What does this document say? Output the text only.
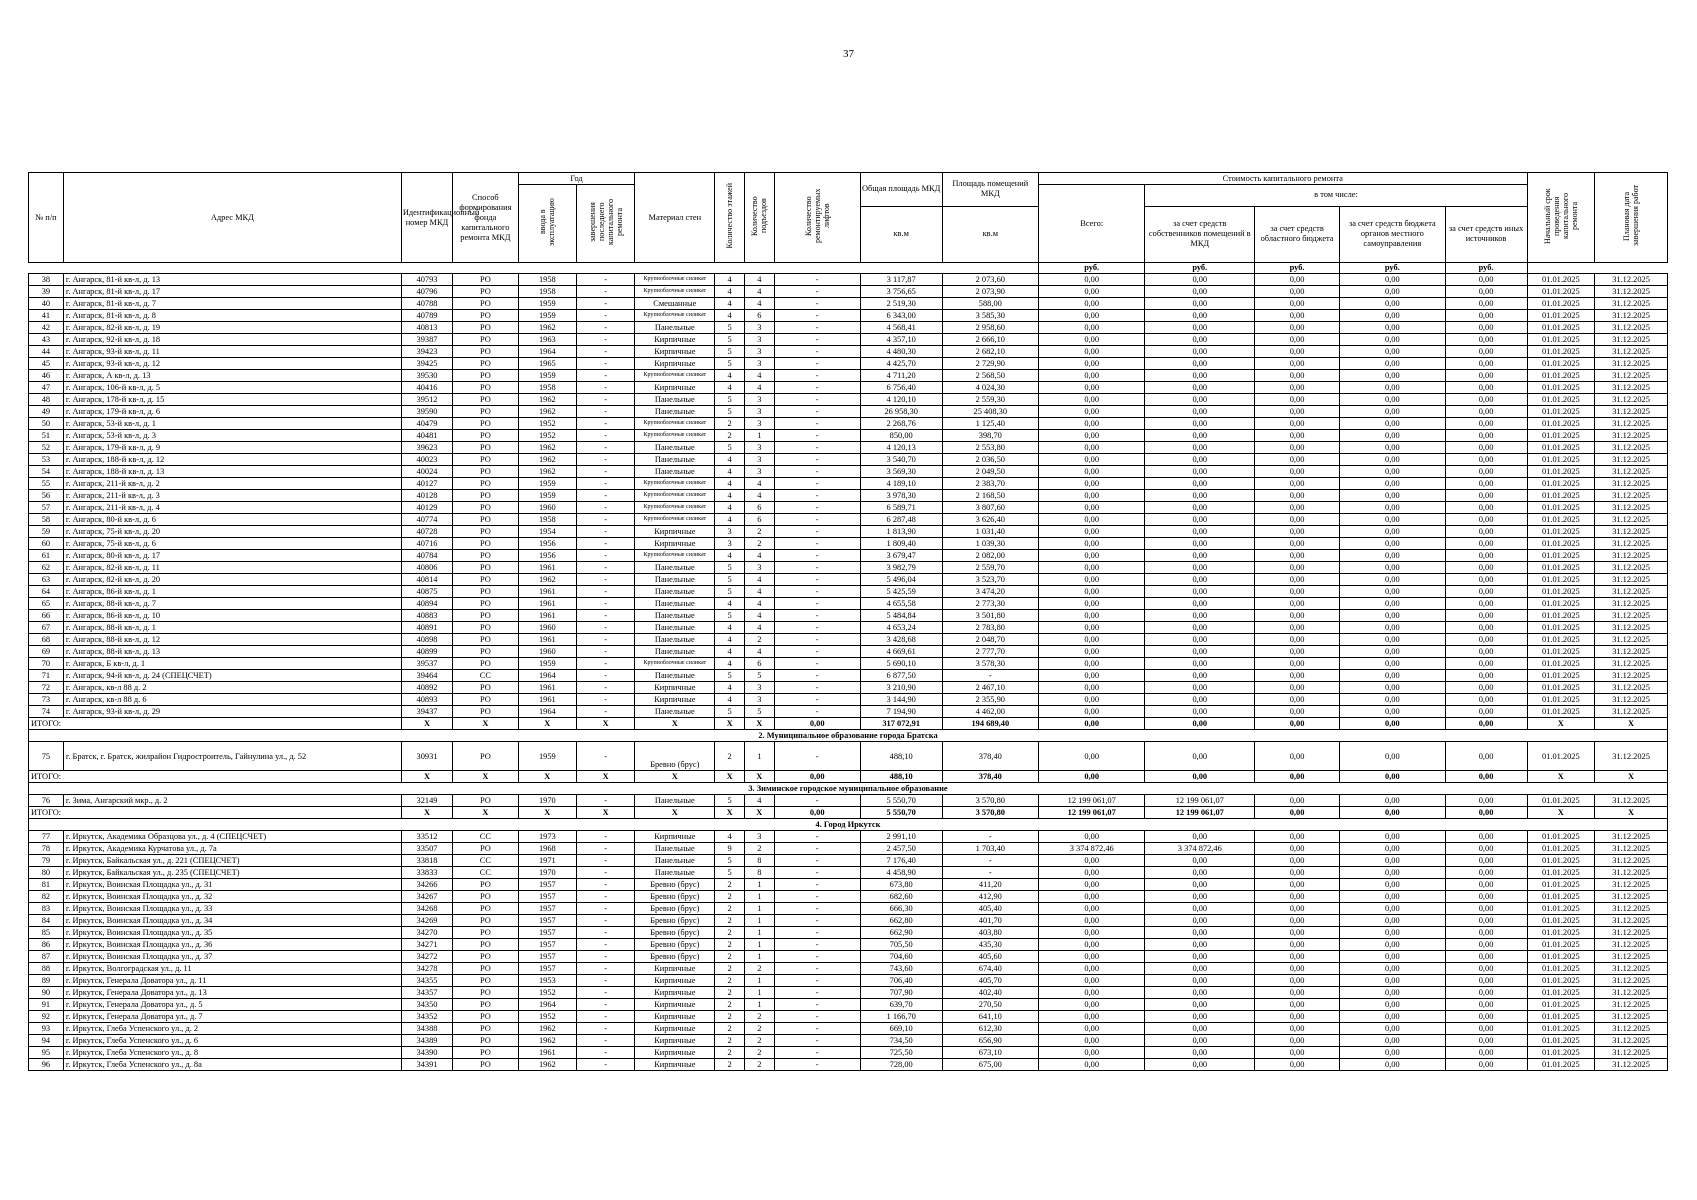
37
№ п/п	Адрес МКД	Идентификационный номер МКД	Способ формирования фонда капитального ремонта МКД	Год		Материал стен	Количество этажей	Количество подъездов	Количество ремонтируемых лифтов	Общая площадь МКД	Площадь помещений МКД	Стоимость капитального ремонта					Начальный срок проведения капитального ремонта	Плановая дата завершения работ
				ввода в эксплуатацию	завершения последнего капитального ремонта							Всего:	в том числе:					
										кв.м	кв.м		за счет средств собственников помещений в МКД	за счет средств областного бюджета	за счет средств бюджета органов местного самоуправления	за счет средств иных источников		
												руб.	руб.	руб.	руб.	руб.		
38	г. Ангарск, 81-й кв-л, д. 13	40793	РО	1958	-	Крупноблочные силикат	4	4	-	3 117,87	2 073,60	0,00	0,00	0,00	0,00	0,00	01.01.2025	31.12.2025
39	г. Ангарск, 81-й кв-л, д. 17	40796	РО	1958	-	Крупноблочные силикат	4	4	-	3 756,65	2 073,90	0,00	0,00	0,00	0,00	0,00	01.01.2025	31.12.2025
40	г. Ангарск, 81-й кв-л, д. 7	40788	РО	1959	-	Смешанные	4	4	-	2 519,30	588,00	0,00	0,00	0,00	0,00	0,00	01.01.2025	31.12.2025
41	г. Ангарск, 81-й кв-л, д. 8	40789	РО	1959	-	Крупноблочные силикат	4	6	-	6 343,00	3 585,30	0,00	0,00	0,00	0,00	0,00	01.01.2025	31.12.2025
42	г. Ангарск, 82-й кв-л, д. 19	40813	РО	1962	-	Панельные	5	3	-	4 568,41	2 958,60	0,00	0,00	0,00	0,00	0,00	01.01.2025	31.12.2025
43	г. Ангарск, 92-й кв-л, д. 18	39387	РО	1963	-	Кирпичные	5	3	-	4 357,10	2 666,10	0,00	0,00	0,00	0,00	0,00	01.01.2025	31.12.2025
44	г. Ангарск, 93-й кв-л, д. 11	39423	РО	1964	-	Кирпичные	5	3	-	4 480,30	2 682,10	0,00	0,00	0,00	0,00	0,00	01.01.2025	31.12.2025
45	г. Ангарск, 93-й кв-л, д. 12	39425	РО	1965	-	Кирпичные	5	3	-	4 425,70	2 729,90	0,00	0,00	0,00	0,00	0,00	01.01.2025	31.12.2025
46	г. Ангарск, А кв-л, д. 13	39530	РО	1959	-	Крупноблочные силикат	4	4	-	4 711,20	2 568,50	0,00	0,00	0,00	0,00	0,00	01.01.2025	31.12.2025
47	г. Ангарск, 106-й кв-л, д. 5	40416	РО	1958	-	Кирпичные	4	4	-	6 756,40	4 024,30	0,00	0,00	0,00	0,00	0,00	01.01.2025	31.12.2025
48	г. Ангарск, 178-й кв-л, д. 15	39512	РО	1962	-	Панельные	5	3	-	4 120,10	2 559,30	0,00	0,00	0,00	0,00	0,00	01.01.2025	31.12.2025
49	г. Ангарск, 179-й кв-л, д. 6	39590	РО	1962	-	Панельные	5	3	-	26 958,30	25 408,30	0,00	0,00	0,00	0,00	0,00	01.01.2025	31.12.2025
50	г. Ангарск, 53-й кв-л, д. 1	40479	РО	1952	-	Крупноблочные силикат	2	3	-	2 268,76	1 125,40	0,00	0,00	0,00	0,00	0,00	01.01.2025	31.12.2025
51	г. Ангарск, 53-й кв-л, д. 3	40481	РО	1952	-	Крупноблочные силикат	2	1	-	850,00	398,70	0,00	0,00	0,00	0,00	0,00	01.01.2025	31.12.2025
52	г. Ангарск, 179-й кв-л, д. 9	39623	РО	1962	-	Панельные	5	3	-	4 120,13	2 553,80	0,00	0,00	0,00	0,00	0,00	01.01.2025	31.12.2025
53	г. Ангарск, 188-й кв-л, д. 12	40023	РО	1962	-	Панельные	4	3	-	3 540,70	2 036,50	0,00	0,00	0,00	0,00	0,00	01.01.2025	31.12.2025
54	г. Ангарск, 188-й кв-л, д. 13	40024	РО	1962	-	Панельные	4	3	-	3 569,30	2 049,50	0,00	0,00	0,00	0,00	0,00	01.01.2025	31.12.2025
55	г. Ангарск, 211-й кв-л, д. 2	40127	РО	1959	-	Крупноблочные силикат	4	4	-	4 189,10	2 383,70	0,00	0,00	0,00	0,00	0,00	01.01.2025	31.12.2025
56	г. Ангарск, 211-й кв-л, д. 3	40128	РО	1959	-	Крупноблочные силикат	4	4	-	3 978,30	2 168,50	0,00	0,00	0,00	0,00	0,00	01.01.2025	31.12.2025
57	г. Ангарск, 211-й кв-л, д. 4	40129	РО	1960	-	Крупноблочные силикат	4	6	-	6 589,71	3 807,60	0,00	0,00	0,00	0,00	0,00	01.01.2025	31.12.2025
58	г. Ангарск, 80-й кв-л, д. 6	40774	РО	1958	-	Крупноблочные силикат	4	6	-	6 287,48	3 626,40	0,00	0,00	0,00	0,00	0,00	01.01.2025	31.12.2025
59	г. Ангарск, 75-й кв-л, д. 20	40728	РО	1954	-	Кирпичные	3	2	-	1 813,90	1 031,40	0,00	0,00	0,00	0,00	0,00	01.01.2025	31.12.2025
60	г. Ангарск, 75-й кв-л, д. 6	40716	РО	1956	-	Кирпичные	3	2	-	1 809,40	1 039,30	0,00	0,00	0,00	0,00	0,00	01.01.2025	31.12.2025
61	г. Ангарск, 80-й кв-л, д. 17	40784	РО	1956	-	Крупноблочные силикат	4	4	-	3 679,47	2 082,00	0,00	0,00	0,00	0,00	0,00	01.01.2025	31.12.2025
62	г. Ангарск, 82-й кв-л, д. 11	40806	РО	1961	-	Панельные	5	3	-	3 982,79	2 559,70	0,00	0,00	0,00	0,00	0,00	01.01.2025	31.12.2025
63	г. Ангарск, 82-й кв-л, д. 20	40814	РО	1962	-	Панельные	5	4	-	5 496,04	3 523,70	0,00	0,00	0,00	0,00	0,00	01.01.2025	31.12.2025
64	г. Ангарск, 86-й кв-л, д. 1	40875	РО	1961	-	Панельные	5	4	-	5 425,59	3 474,20	0,00	0,00	0,00	0,00	0,00	01.01.2025	31.12.2025
65	г. Ангарск, 88-й кв-л, д. 7	40894	РО	1961	-	Панельные	4	4	-	4 655,58	2 773,30	0,00	0,00	0,00	0,00	0,00	01.01.2025	31.12.2025
66	г. Ангарск, 86-й кв-л, д. 10	40883	РО	1961	-	Панельные	5	4	-	5 484,84	3 501,80	0,00	0,00	0,00	0,00	0,00	01.01.2025	31.12.2025
67	г. Ангарск, 88-й кв-л, д. 1	40891	РО	1960	-	Панельные	4	4	-	4 653,24	2 783,80	0,00	0,00	0,00	0,00	0,00	01.01.2025	31.12.2025
68	г. Ангарск, 88-й кв-л, д. 12	40898	РО	1961	-	Панельные	4	2	-	3 428,68	2 048,70	0,00	0,00	0,00	0,00	0,00	01.01.2025	31.12.2025
69	г. Ангарск, 88-й кв-л, д. 13	40899	РО	1960	-	Панельные	4	4	-	4 669,61	2 777,70	0,00	0,00	0,00	0,00	0,00	01.01.2025	31.12.2025
70	г. Ангарск, Б кв-л, д. 1	39537	РО	1959	-	Крупноблочные силикат	4	6	-	5 690,10	3 578,30	0,00	0,00	0,00	0,00	0,00	01.01.2025	31.12.2025
71	г. Ангарск, 94-й кв-л, д. 24 (СПЕЦСЧЕТ)	39464	СС	1964	-	Панельные	5	5	-	6 877,50	-	0,00	0,00	0,00	0,00	0,00	01.01.2025	31.12.2025
72	г. Ангарск, кв-л 88 д. 2	40892	РО	1961	-	Кирпичные	4	3	-	3 210,90	2 467,10	0,00	0,00	0,00	0,00	0,00	01.01.2025	31.12.2025
73	г. Ангарск, кв-л 88 д. 6	40893	РО	1961	-	Кирпичные	4	3	-	3 144,90	2 355,90	0,00	0,00	0,00	0,00	0,00	01.01.2025	31.12.2025
74	г. Ангарск, 93-й кв-л, д. 29	39437	РО	1964	-	Панельные	5	5	-	7 194,90	4 462,00	0,00	0,00	0,00	0,00	0,00	01.01.2025	31.12.2025
ИТОГО:		X	X	X	X	X	X	X	0,00	317 072,91	194 689,40	0,00	0,00	0,00	0,00	0,00	X	X
2. Муниципальное образование города Братска																		
75	г. Братск, г. Братск, жилрайон Гидростроитель, Гайнулина ул., д. 52	30931	РО	1959	-	Бревно (брус)	2	1	-	488,10	378,40	0,00	0,00	0,00	0,00	0,00	01.01.2025	31.12.2025
ИТОГО:		X	X	X	X	X	X	X	0,00	488,10	378,40	0,00	0,00	0,00	0,00	0,00	X	X
3. Зиминское городское муниципальное образование																		
76	г. Зима, Ангарский мкр., д. 2	32149	РО	1970	-	Панельные	5	4	-	5 550,70	3 570,80	12 199 061,07	12 199 061,07	0,00	0,00	0,00	01.01.2025	31.12.2025
ИТОГО:		X	X	X	X	X	X	X	0,00	5 550,70	3 570,80	12 199 061,07	12 199 061,07	0,00	0,00	0,00	X	X
4. Город Иркутск																		
77	г. Иркутск, Академика Образцова ул., д. 4 (СПЕЦСЧЕТ)	33512	СС	1973	-	Кирпичные	4	3	-	2 991,10	-	0,00	0,00	0,00	0,00	0,00	01.01.2025	31.12.2025
78	г. Иркутск, Академика Курчатова ул., д. 7а	33507	РО	1968	-	Панельные	9	2	-	2 457,50	1 703,40	3 374 872,46	3 374 872,46	0,00	0,00	0,00	01.01.2025	31.12.2025
79	г. Иркутск, Байкальская ул., д. 221 (СПЕЦСЧЕТ)	33818	СС	1971	-	Панельные	5	8	-	7 176,40	-	0,00	0,00	0,00	0,00	0,00	01.01.2025	31.12.2025
80	г. Иркутск, Байкальская ул., д. 235 (СПЕЦСЧЕТ)	33833	СС	1970	-	Панельные	5	8	-	4 458,90	-	0,00	0,00	0,00	0,00	0,00	01.01.2025	31.12.2025
81	г. Иркутск, Воинская Площадка ул., д. 31	34266	РО	1957	-	Бревно (брус)	2	1	-	673,80	411,20	0,00	0,00	0,00	0,00	0,00	01.01.2025	31.12.2025
82	г. Иркутск, Воинская Площадка ул., д. 32	34267	РО	1957	-	Бревно (брус)	2	1	-	682,60	412,90	0,00	0,00	0,00	0,00	0,00	01.01.2025	31.12.2025
83	г. Иркутск, Воинская Площадка ул., д. 33	34268	РО	1957	-	Бревно (брус)	2	1	-	666,30	405,40	0,00	0,00	0,00	0,00	0,00	01.01.2025	31.12.2025
84	г. Иркутск, Воинская Площадка ул., д. 34	34269	РО	1957	-	Бревно (брус)	2	1	-	662,80	401,70	0,00	0,00	0,00	0,00	0,00	01.01.2025	31.12.2025
85	г. Иркутск, Воинская Площадка ул., д. 35	34270	РО	1957	-	Бревно (брус)	2	1	-	662,90	403,80	0,00	0,00	0,00	0,00	0,00	01.01.2025	31.12.2025
86	г. Иркутск, Воинская Площадка ул., д. 36	34271	РО	1957	-	Бревно (брус)	2	1	-	705,50	435,30	0,00	0,00	0,00	0,00	0,00	01.01.2025	31.12.2025
87	г. Иркутск, Воинская Площадка ул., д. 37	34272	РО	1957	-	Бревно (брус)	2	1	-	704,60	405,60	0,00	0,00	0,00	0,00	0,00	01.01.2025	31.12.2025
88	г. Иркутск, Волгоградская ул., д. 11	34278	РО	1957	-	Кирпичные	2	2	-	743,60	674,40	0,00	0,00	0,00	0,00	0,00	01.01.2025	31.12.2025
89	г. Иркутск, Генерала Доватора ул., д. 11	34355	РО	1953	-	Кирпичные	2	1	-	706,40	405,70	0,00	0,00	0,00	0,00	0,00	01.01.2025	31.12.2025
90	г. Иркутск, Генерала Доватора ул., д. 13	34357	РО	1952	-	Кирпичные	2	1	-	707,90	402,40	0,00	0,00	0,00	0,00	0,00	01.01.2025	31.12.2025
91	г. Иркутск, Генерала Доватора ул., д. 5	34350	РО	1964	-	Кирпичные	2	1	-	639,70	270,50	0,00	0,00	0,00	0,00	0,00	01.01.2025	31.12.2025
92	г. Иркутск, Генерала Доватора ул., д. 7	34352	РО	1952	-	Кирпичные	2	2	-	1 166,70	641,10	0,00	0,00	0,00	0,00	0,00	01.01.2025	31.12.2025
93	г. Иркутск, Глеба Успенского ул., д. 2	34388	РО	1962	-	Кирпичные	2	2	-	669,10	612,30	0,00	0,00	0,00	0,00	0,00	01.01.2025	31.12.2025
94	г. Иркутск, Глеба Успенского ул., д. 6	34389	РО	1962	-	Кирпичные	2	2	-	734,50	656,90	0,00	0,00	0,00	0,00	0,00	01.01.2025	31.12.2025
95	г. Иркутск, Глеба Успенского ул., д. 8	34390	РО	1961	-	Кирпичные	2	2	-	725,50	673,10	0,00	0,00	0,00	0,00	0,00	01.01.2025	31.12.2025
96	г. Иркутск, Глеба Успенского ул., д. 8а	34391	РО	1962	-	Кирпичные	2	2	-	728,00	675,00	0,00	0,00	0,00	0,00	0,00	01.01.2025	31.12.2025
